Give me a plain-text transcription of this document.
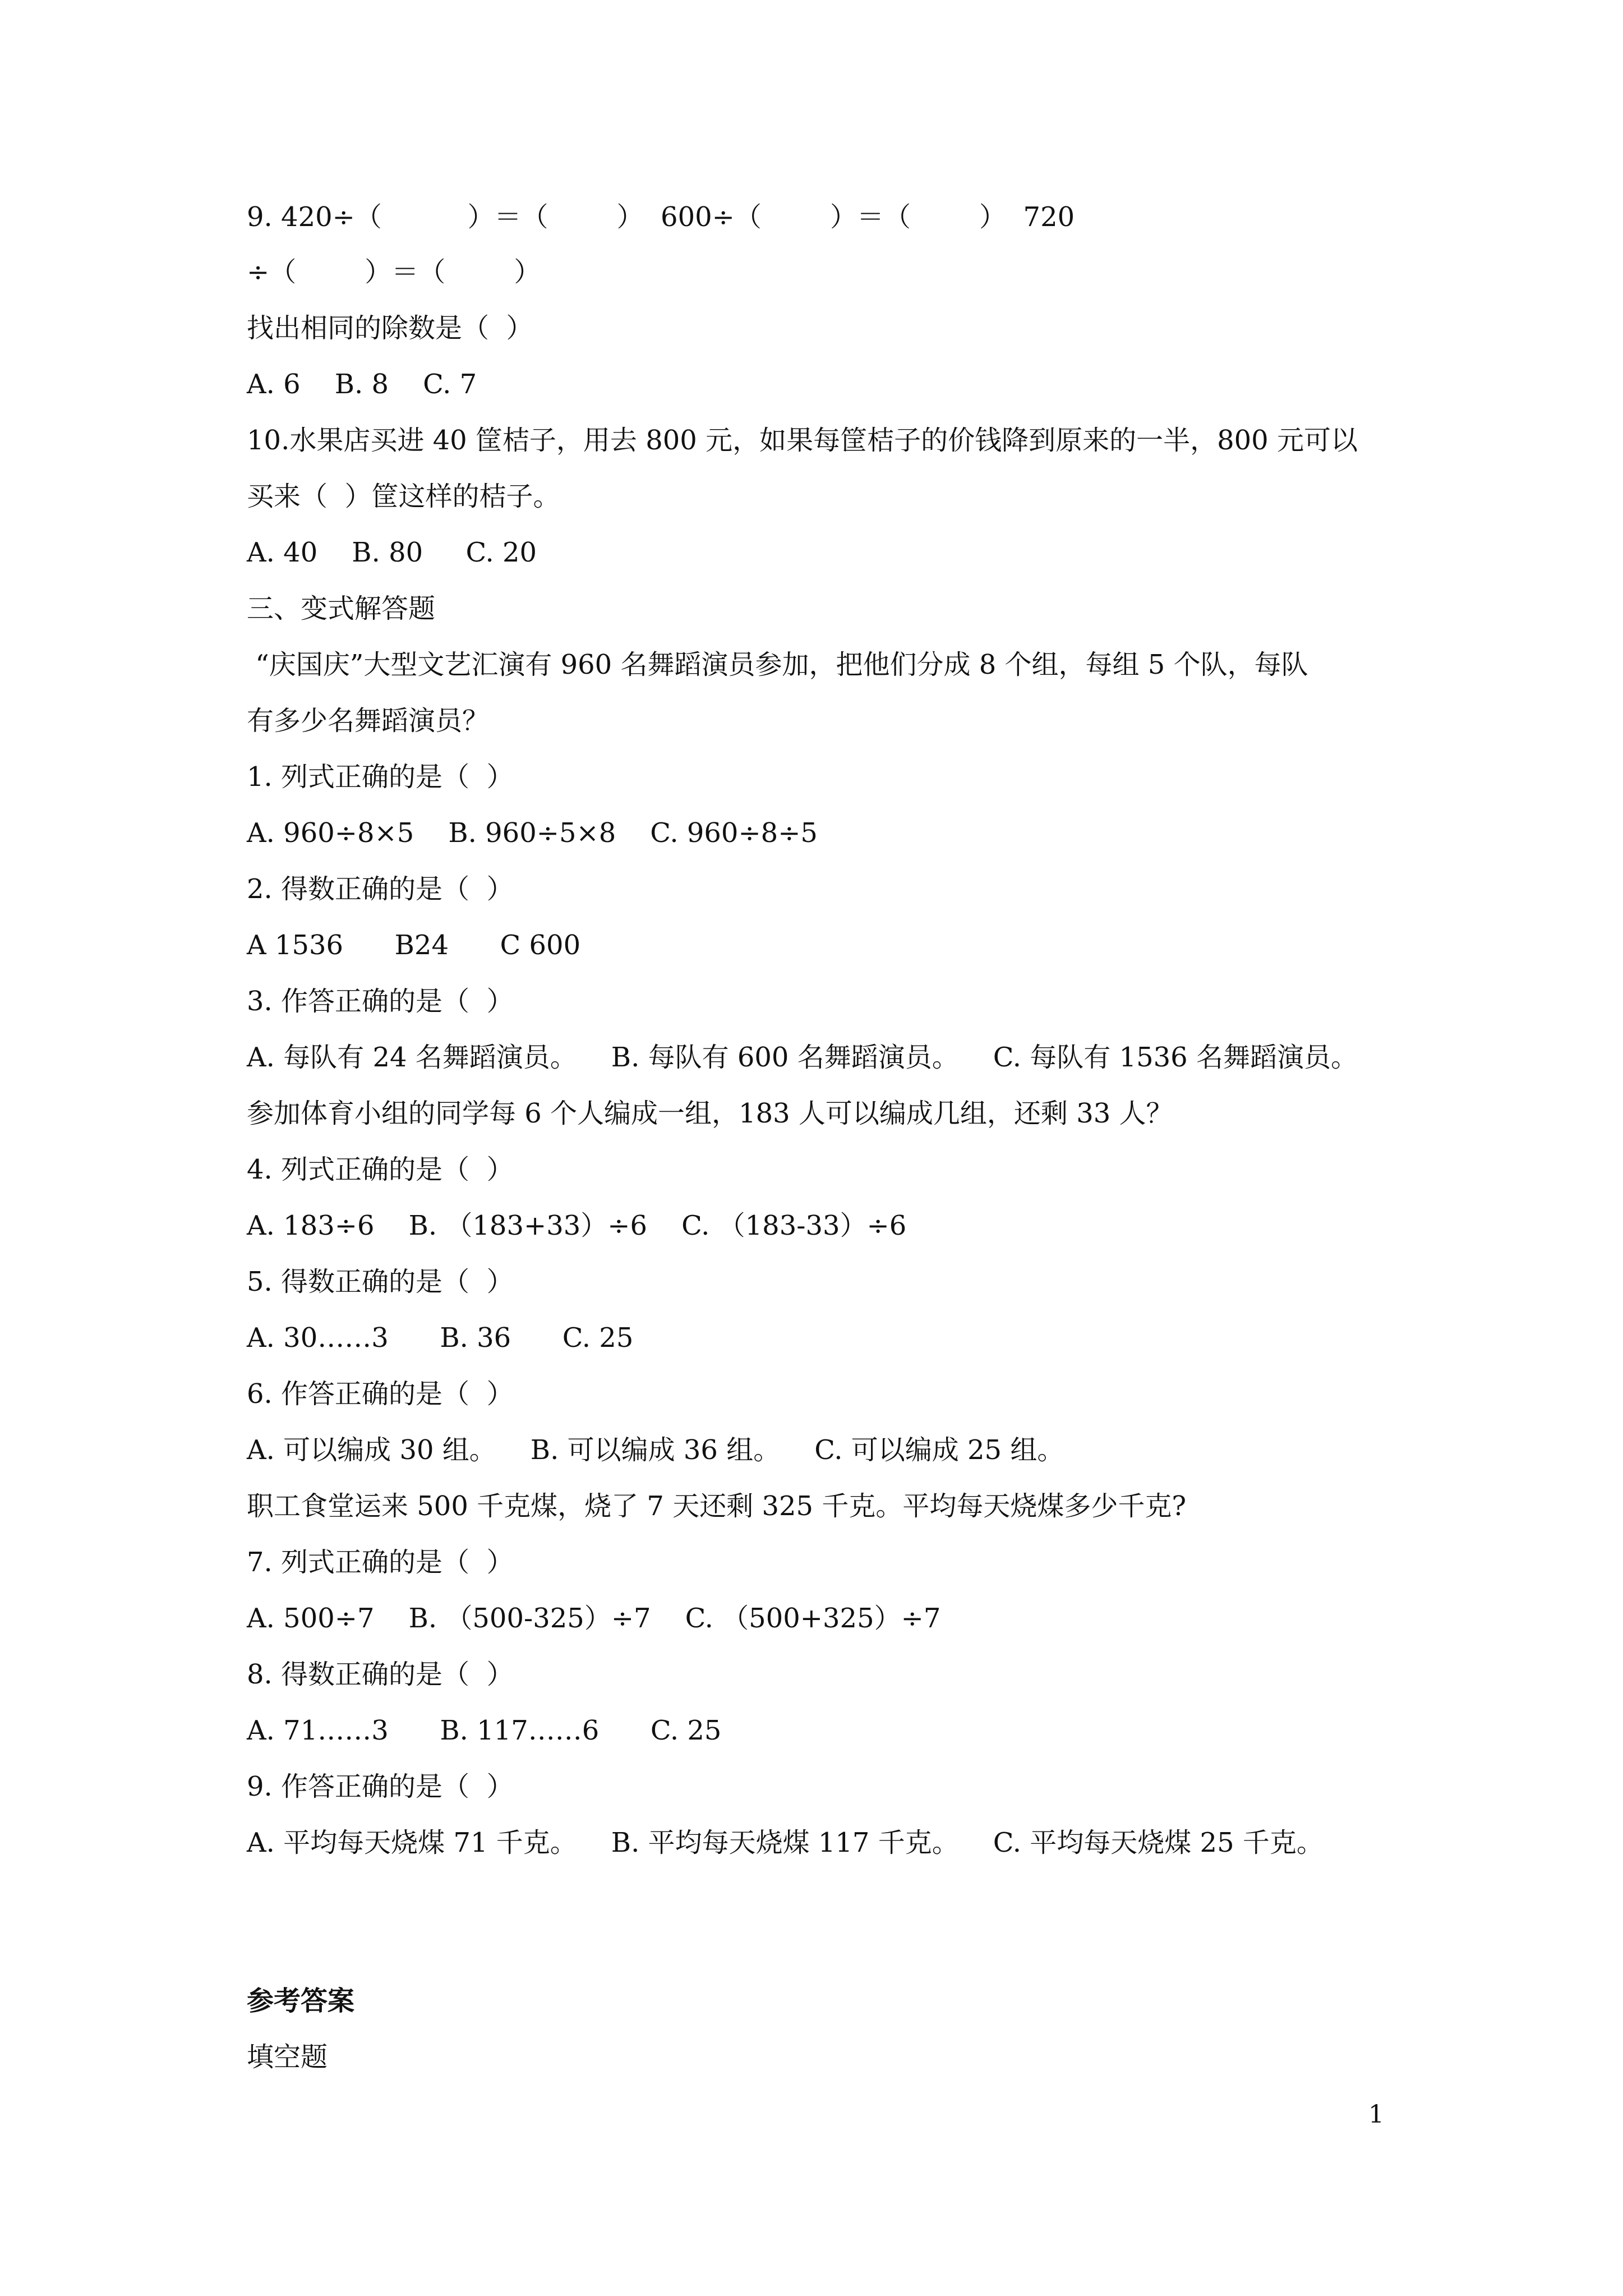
9. 420÷（          ）＝（        ）  600÷（        ）＝（        ）  720
÷（        ）＝（        ）
找出相同的除数是（  ）
A. 6    B. 8    C. 7
10.水果店买进 40 筐桔子，用去 800 元，如果每筐桔子的价钱降到原来的一半，800 元可以
买来（  ）筐这样的桔子。
A. 40    B. 80     C. 20
三、变式解答题
“庆国庆”大型文艺汇演有 960 名舞蹈演员参加，把他们分成 8 个组，每组 5 个队，每队
有多少名舞蹈演员？
1. 列式正确的是（  ）
A. 960÷8×5    B. 960÷5×8    C. 960÷8÷5
2. 得数正确的是（  ）
A 1536      B24      C 600
3. 作答正确的是（  ）
A. 每队有 24 名舞蹈演员。    B. 每队有 600 名舞蹈演员。    C. 每队有 1536 名舞蹈演员。
参加体育小组的同学每 6 个人编成一组，183 人可以编成几组，还剩 33 人？
4. 列式正确的是（  ）
A. 183÷6    B. （183+33）÷6    C. （183-33）÷6
5. 得数正确的是（  ）
A. 30……3      B. 36      C. 25
6. 作答正确的是（  ）
A. 可以编成 30 组。    B. 可以编成 36 组。    C. 可以编成 25 组。
职工食堂运来 500 千克煤，烧了 7 天还剩 325 千克。平均每天烧煤多少千克?
7. 列式正确的是（  ）
A. 500÷7    B. （500-325）÷7    C. （500+325）÷7
8. 得数正确的是（  ）
A. 71……3      B. 117……6      C. 25
9. 作答正确的是（  ）
A. 平均每天烧煤 71 千克。    B. 平均每天烧煤 117 千克。    C. 平均每天烧煤 25 千克。
参考答案
填空题
1
